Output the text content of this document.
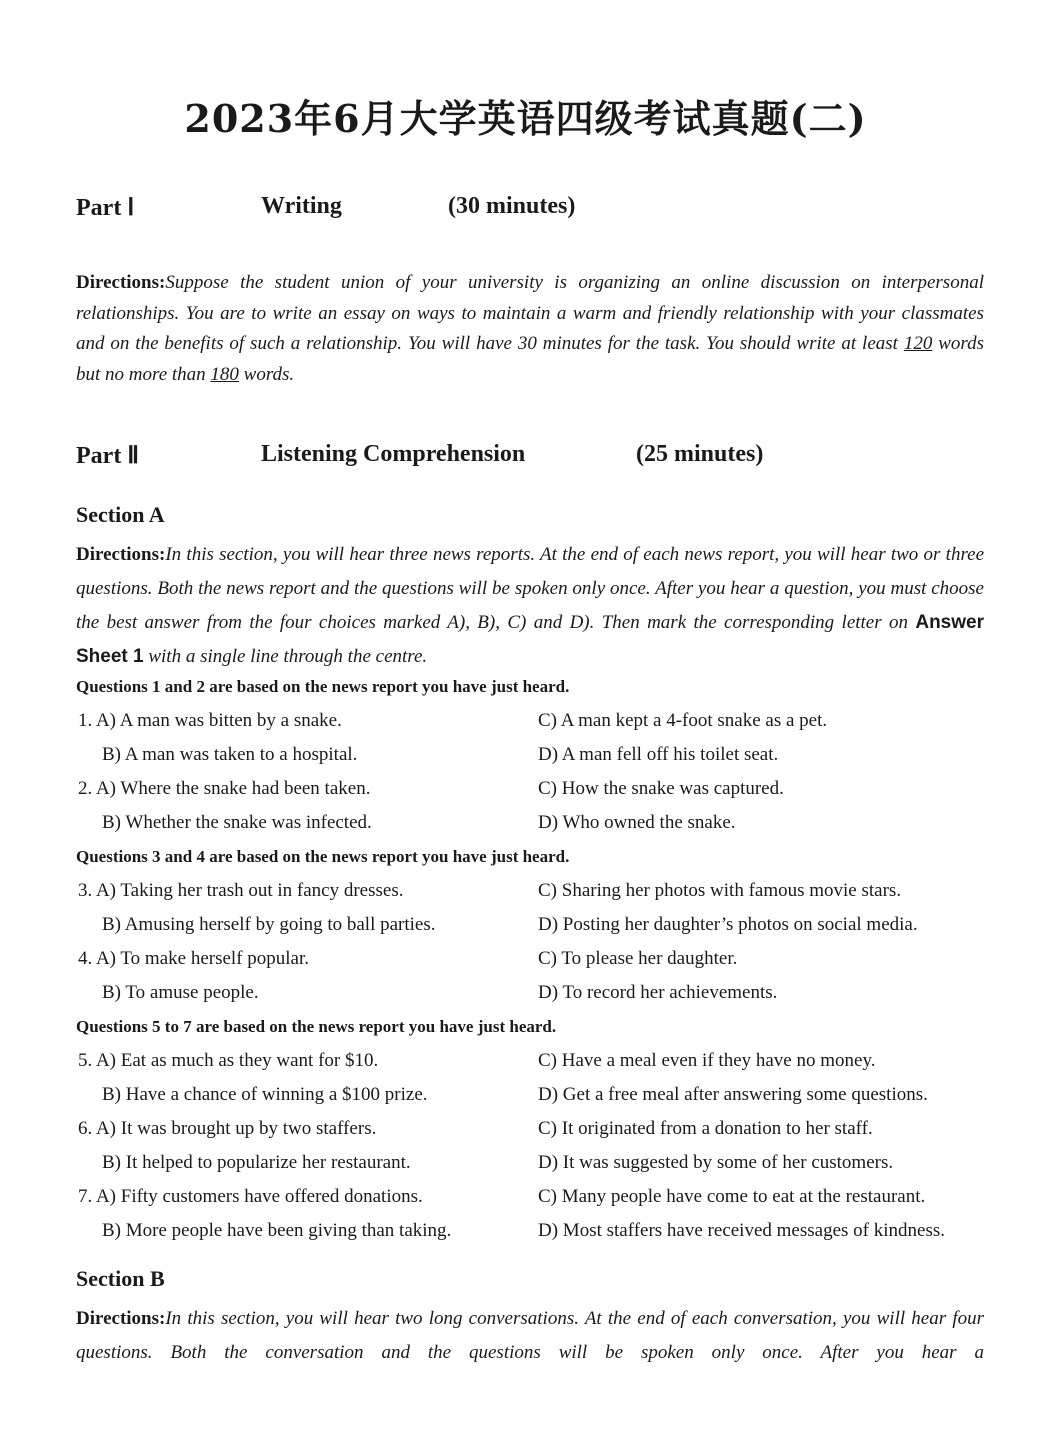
2023年6月大学英语四级考试真题(二)
Part Ⅰ	Writing	(30 minutes)
Directions:Suppose the student union of your university is organizing an online discussion on interpersonal relationships. You are to write an essay on ways to maintain a warm and friendly relationship with your classmates and on the benefits of such a relationship. You will have 30 minutes for the task. You should write at least 120 words but no more than 180 words.
Part Ⅱ	Listening Comprehension	(25 minutes)
Section A
Directions:In this section, you will hear three news reports. At the end of each news report, you will hear two or three questions. Both the news report and the questions will be spoken only once. After you hear a question, you must choose the best answer from the four choices marked A), B), C) and D). Then mark the corresponding letter on Answer Sheet 1 with a single line through the centre.
Questions 1 and 2 are based on the news report you have just heard.
1. A) A man was bitten by a snake.	C) A man kept a 4-foot snake as a pet.
B) A man was taken to a hospital.	D) A man fell off his toilet seat.
2. A) Where the snake had been taken.	C) How the snake was captured.
B) Whether the snake was infected.	D) Who owned the snake.
Questions 3 and 4 are based on the news report you have just heard.
3. A) Taking her trash out in fancy dresses.	C) Sharing her photos with famous movie stars.
B) Amusing herself by going to ball parties.	D) Posting her daughter’s photos on social media.
4. A) To make herself popular.	C) To please her daughter.
B) To amuse people.	D) To record her achievements.
Questions 5 to 7 are based on the news report you have just heard.
5. A) Eat as much as they want for $10.	C) Have a meal even if they have no money.
B) Have a chance of winning a $100 prize.	D) Get a free meal after answering some questions.
6. A) It was brought up by two staffers.	C) It originated from a donation to her staff.
B) It helped to popularize her restaurant.	D) It was suggested by some of her customers.
7. A) Fifty customers have offered donations.	C) Many people have come to eat at the restaurant.
B) More people have been giving than taking.	D) Most staffers have received messages of kindness.
Section B
Directions:In this section, you will hear two long conversations. At the end of each conversation, you will hear four questions. Both the conversation and the questions will be spoken only once. After you hear a
